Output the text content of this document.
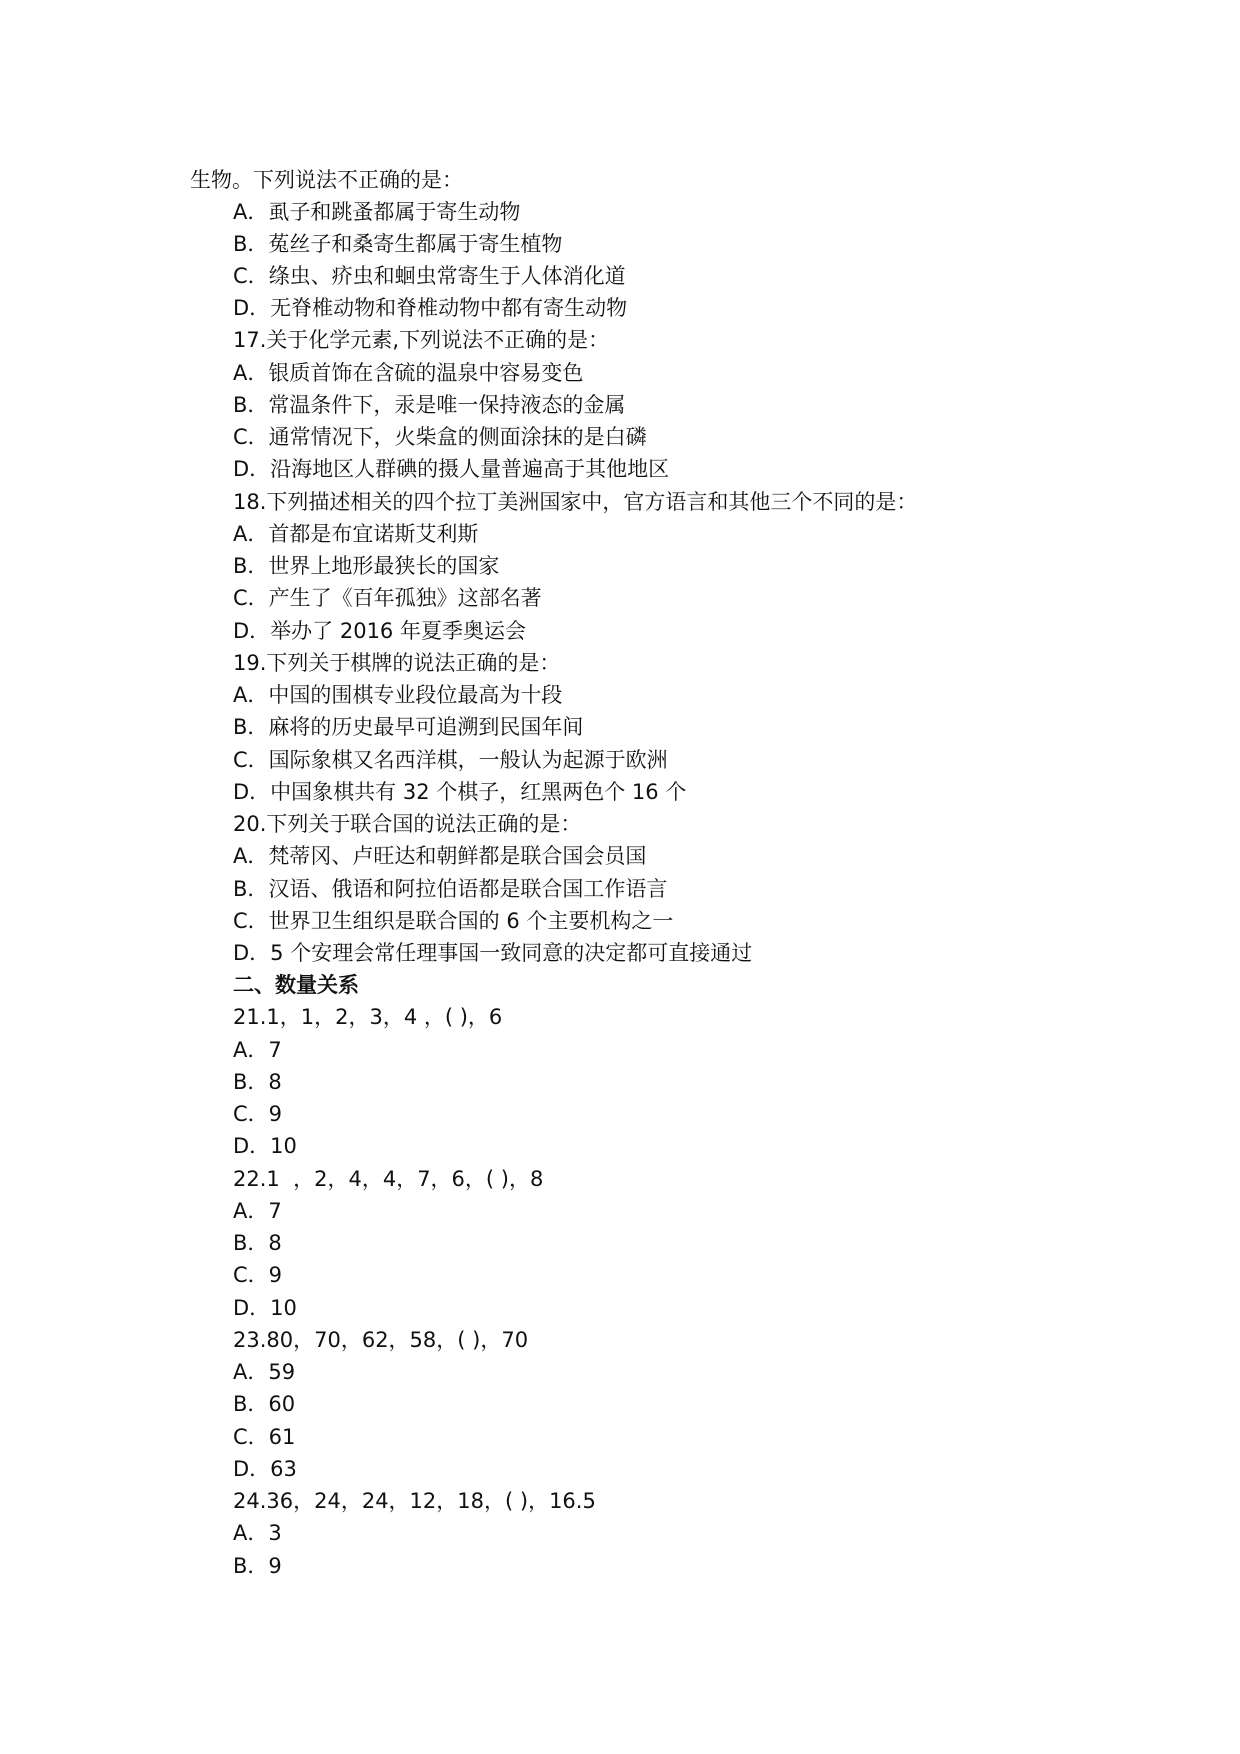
生物。下列说法不正确的是：
A．虱子和跳蚤都属于寄生动物
B．菟丝子和桑寄生都属于寄生植物
C．绦虫、疥虫和蛔虫常寄生于人体消化道
D．无脊椎动物和脊椎动物中都有寄生动物
17.关于化学元素,下列说法不正确的是：
A．银质首饰在含硫的温泉中容易变色
B．常温条件下，汞是唯一保持液态的金属
C．通常情况下，火柴盒的侧面涂抹的是白磷
D．沿海地区人群碘的摄人量普遍高于其他地区
18.下列描述相关的四个拉丁美洲国家中，官方语言和其他三个不同的是：
A．首都是布宜诺斯艾利斯
B．世界上地形最狭长的国家
C．产生了《百年孤独》这部名著
D．举办了 2016 年夏季奥运会
19.下列关于棋牌的说法正确的是：
A．中国的围棋专业段位最高为十段
B．麻将的历史最早可追溯到民国年间
C．国际象棋又名西洋棋，一般认为起源于欧洲
D．中国象棋共有 32 个棋子，红黑两色个 16 个
20.下列关于联合国的说法正确的是：
A．梵蒂冈、卢旺达和朝鲜都是联合国会员国
B．汉语、俄语和阿拉伯语都是联合国工作语言
C．世界卫生组织是联合国的 6 个主要机构之一
D．5 个安理会常任理事国一致同意的决定都可直接通过
二、数量关系
21.1，1，2，3，4 ，( )，6
A．7
B．8
C．9
D．10
22.1  ，2，4，4，7，6，( )，8
A．7
B．8
C．9
D．10
23.80，70，62，58，( )，70
A．59
B．60
C．61
D．63
24.36，24，24，12，18，( )，16.5
A．3
B．9
